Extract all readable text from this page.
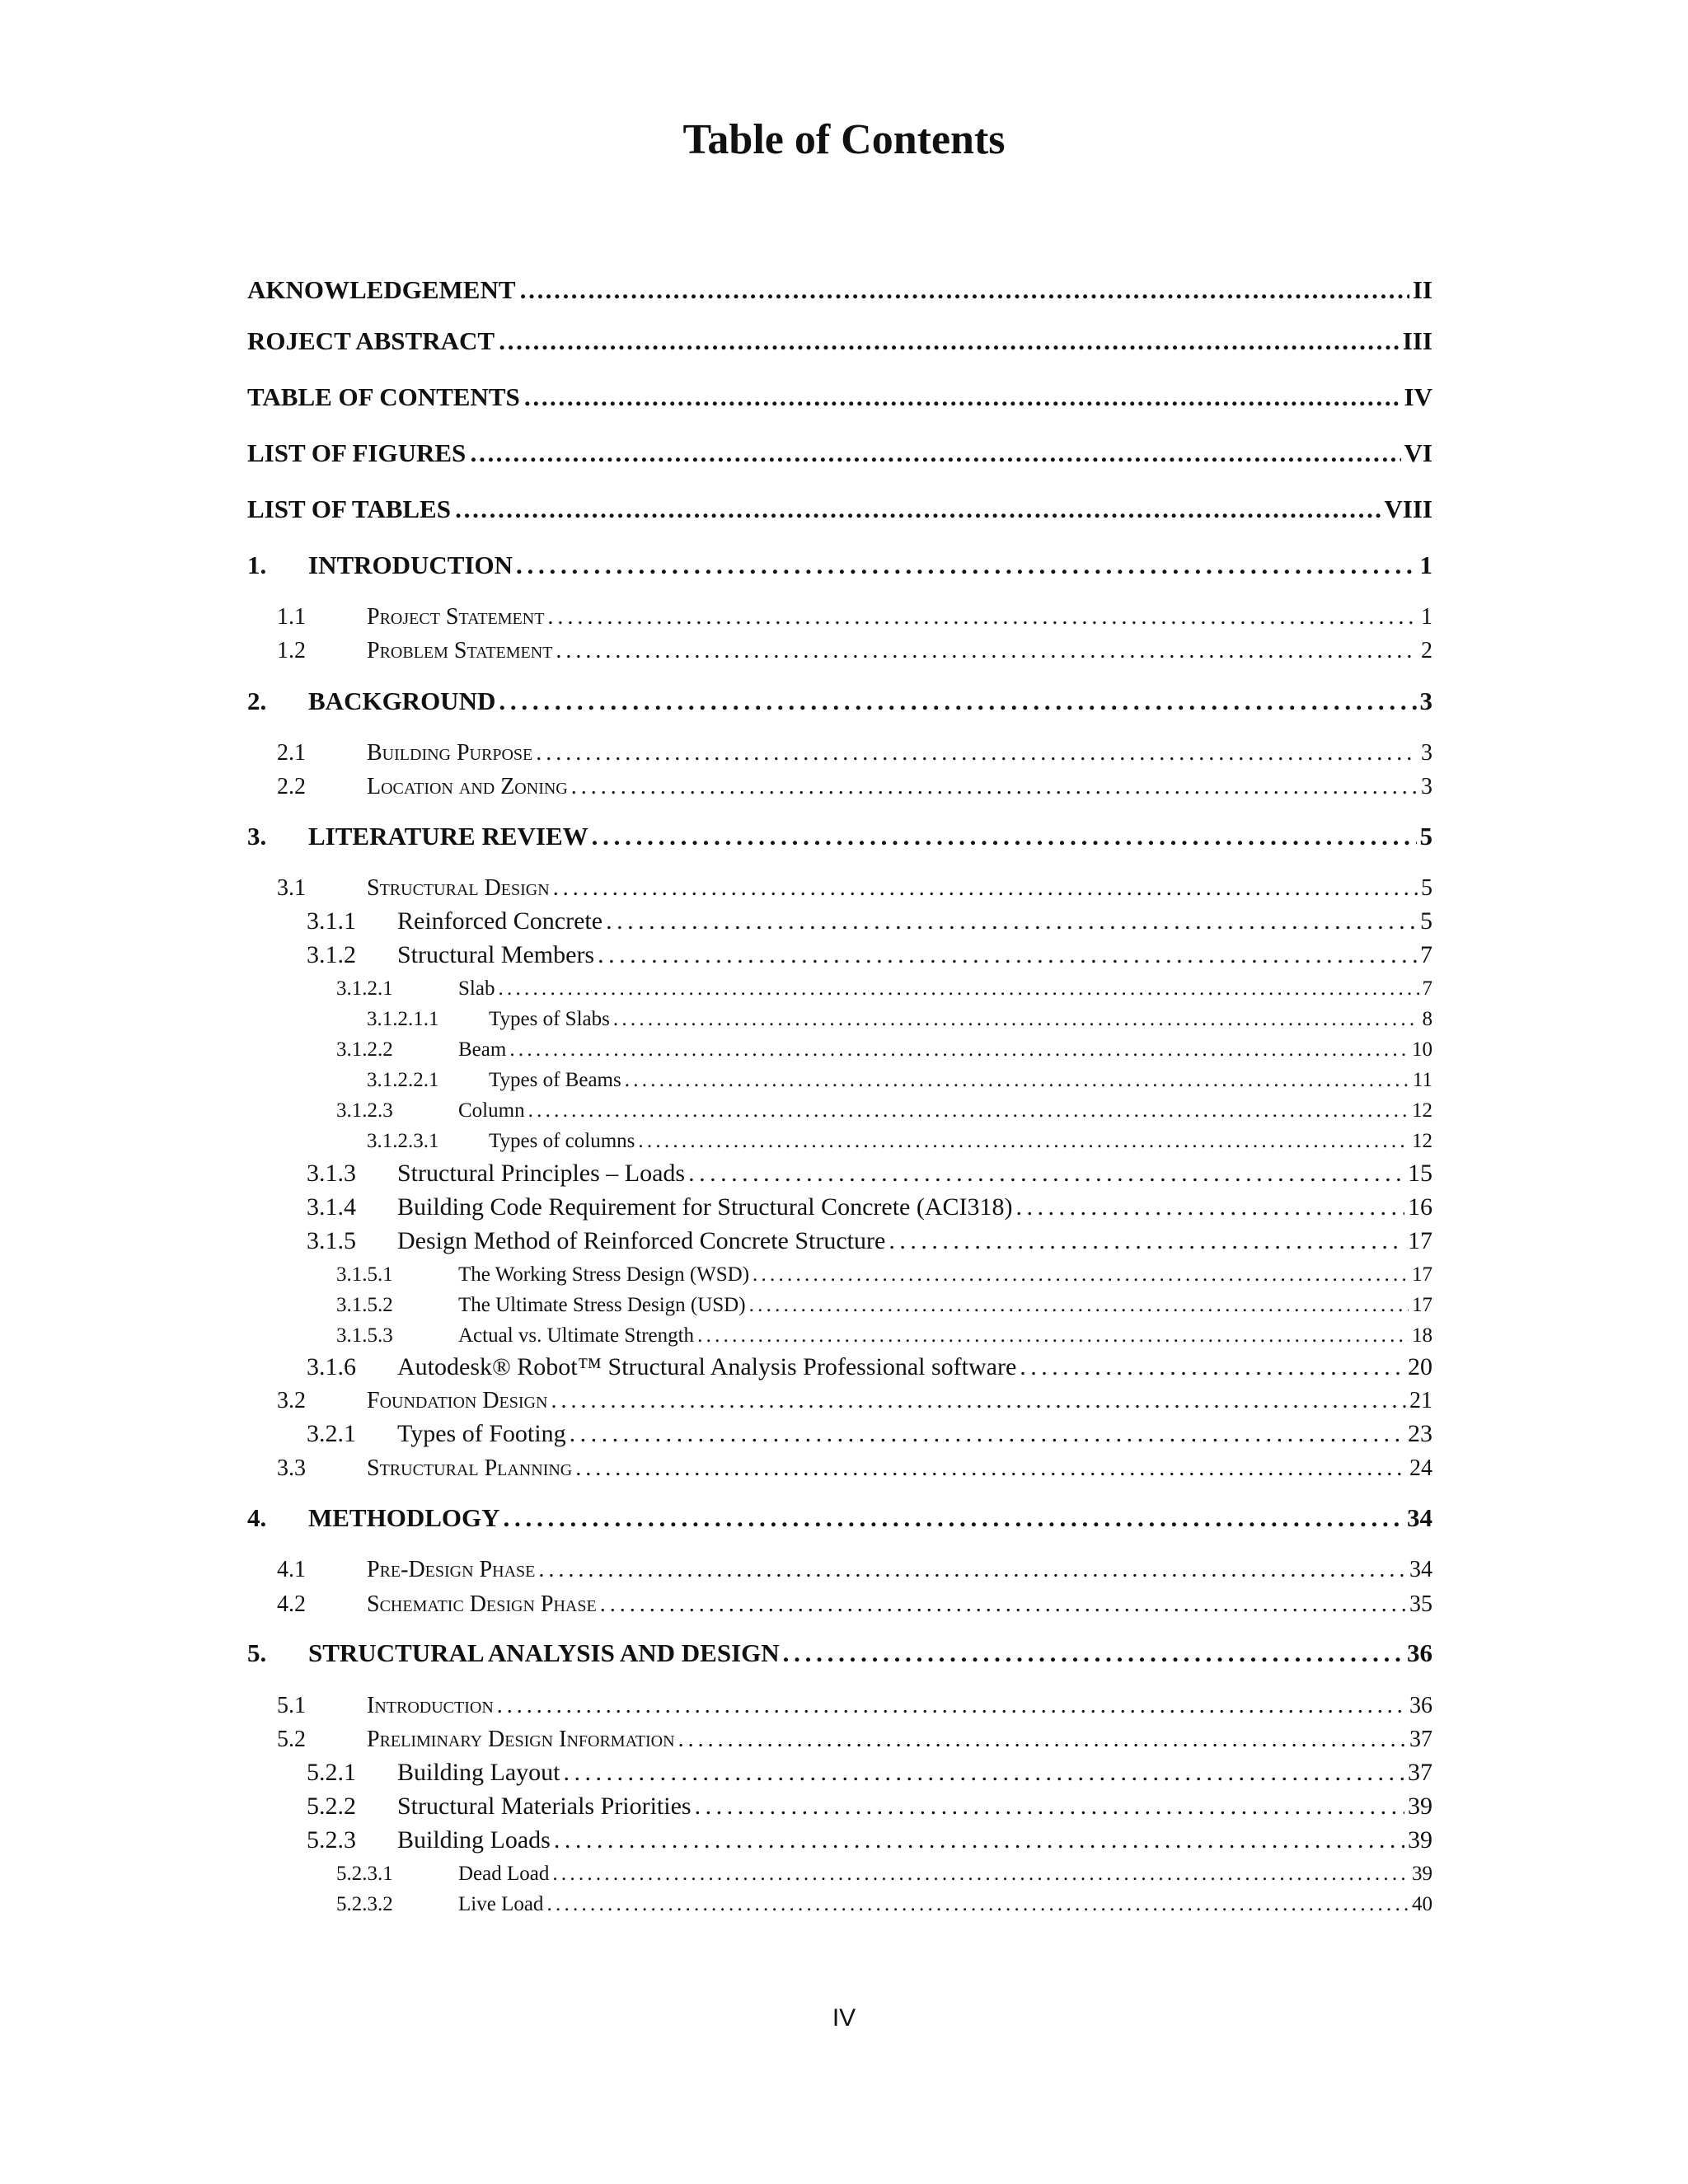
Table of Contents
AKNOWLEDGEMENT ………………………………………………………………………………………………………………………………………………………………………………………………………………………………………………………………………………………………………	II
ROJECT ABSTRACT ………………………………………………………………………………………………………………………………………………………………………………………………………………………………………………………………………………………………………	III
TABLE OF CONTENTS ………………………………………………………………………………………………………………………………………………………………………………………………………………………………………………………………………………………………………	IV
LIST OF FIGURES ………………………………………………………………………………………………………………………………………………………………………………………………………………………………………………………………………………………………………	VI
LIST OF TABLES ………………………………………………………………………………………………………………………………………………………………………………………………………………………………………………………………………………………………………	VIII
1.	INTRODUCTION . . .	1
1.1	Project Statement . . .	1
1.2	Problem Statement . . .	2
2.	BACKGROUND . . .	3
2.1	Building Purpose . . .	3
2.2	Location and Zoning . . .	3
3.	LITERATURE REVIEW . . .	5
3.1	Structural Design . . .	5
3.1.1	Reinforced Concrete . . .	5
3.1.2	Structural Members . . .	7
3.1.2.1	Slab . . .	7
3.1.2.1.1	Types of Slabs . . .	8
3.1.2.2	Beam . . .	10
3.1.2.2.1	Types of Beams . . .	11
3.1.2.3	Column . . .	12
3.1.2.3.1	Types of columns . . .	12
3.1.3	Structural Principles – Loads . . .	15
3.1.4	Building Code Requirement for Structural Concrete (ACI318) . . .	16
3.1.5	Design Method of Reinforced Concrete Structure . . .	17
3.1.5.1	The Working Stress Design (WSD) . . .	17
3.1.5.2	The Ultimate Stress Design (USD) . . .	17
3.1.5.3	Actual vs. Ultimate Strength . . .	18
3.1.6	Autodesk® Robot™ Structural Analysis Professional software . . .	20
3.2	Foundation Design . . .	21
3.2.1	Types of Footing . . .	23
3.3	Structural Planning . . .	24
4.	METHODLOGY . . .	34
4.1	Pre-Design Phase . . .	34
4.2	Schematic Design Phase . . .	35
5.	STRUCTURAL ANALYSIS AND DESIGN . . .	36
5.1	Introduction . . .	36
5.2	Preliminary Design Information . . .	37
5.2.1	Building Layout . . .	37
5.2.2	Structural Materials Priorities . . .	39
5.2.3	Building Loads . . .	39
5.2.3.1	Dead Load . . .	39
5.2.3.2	Live Load . . .	40
IV
